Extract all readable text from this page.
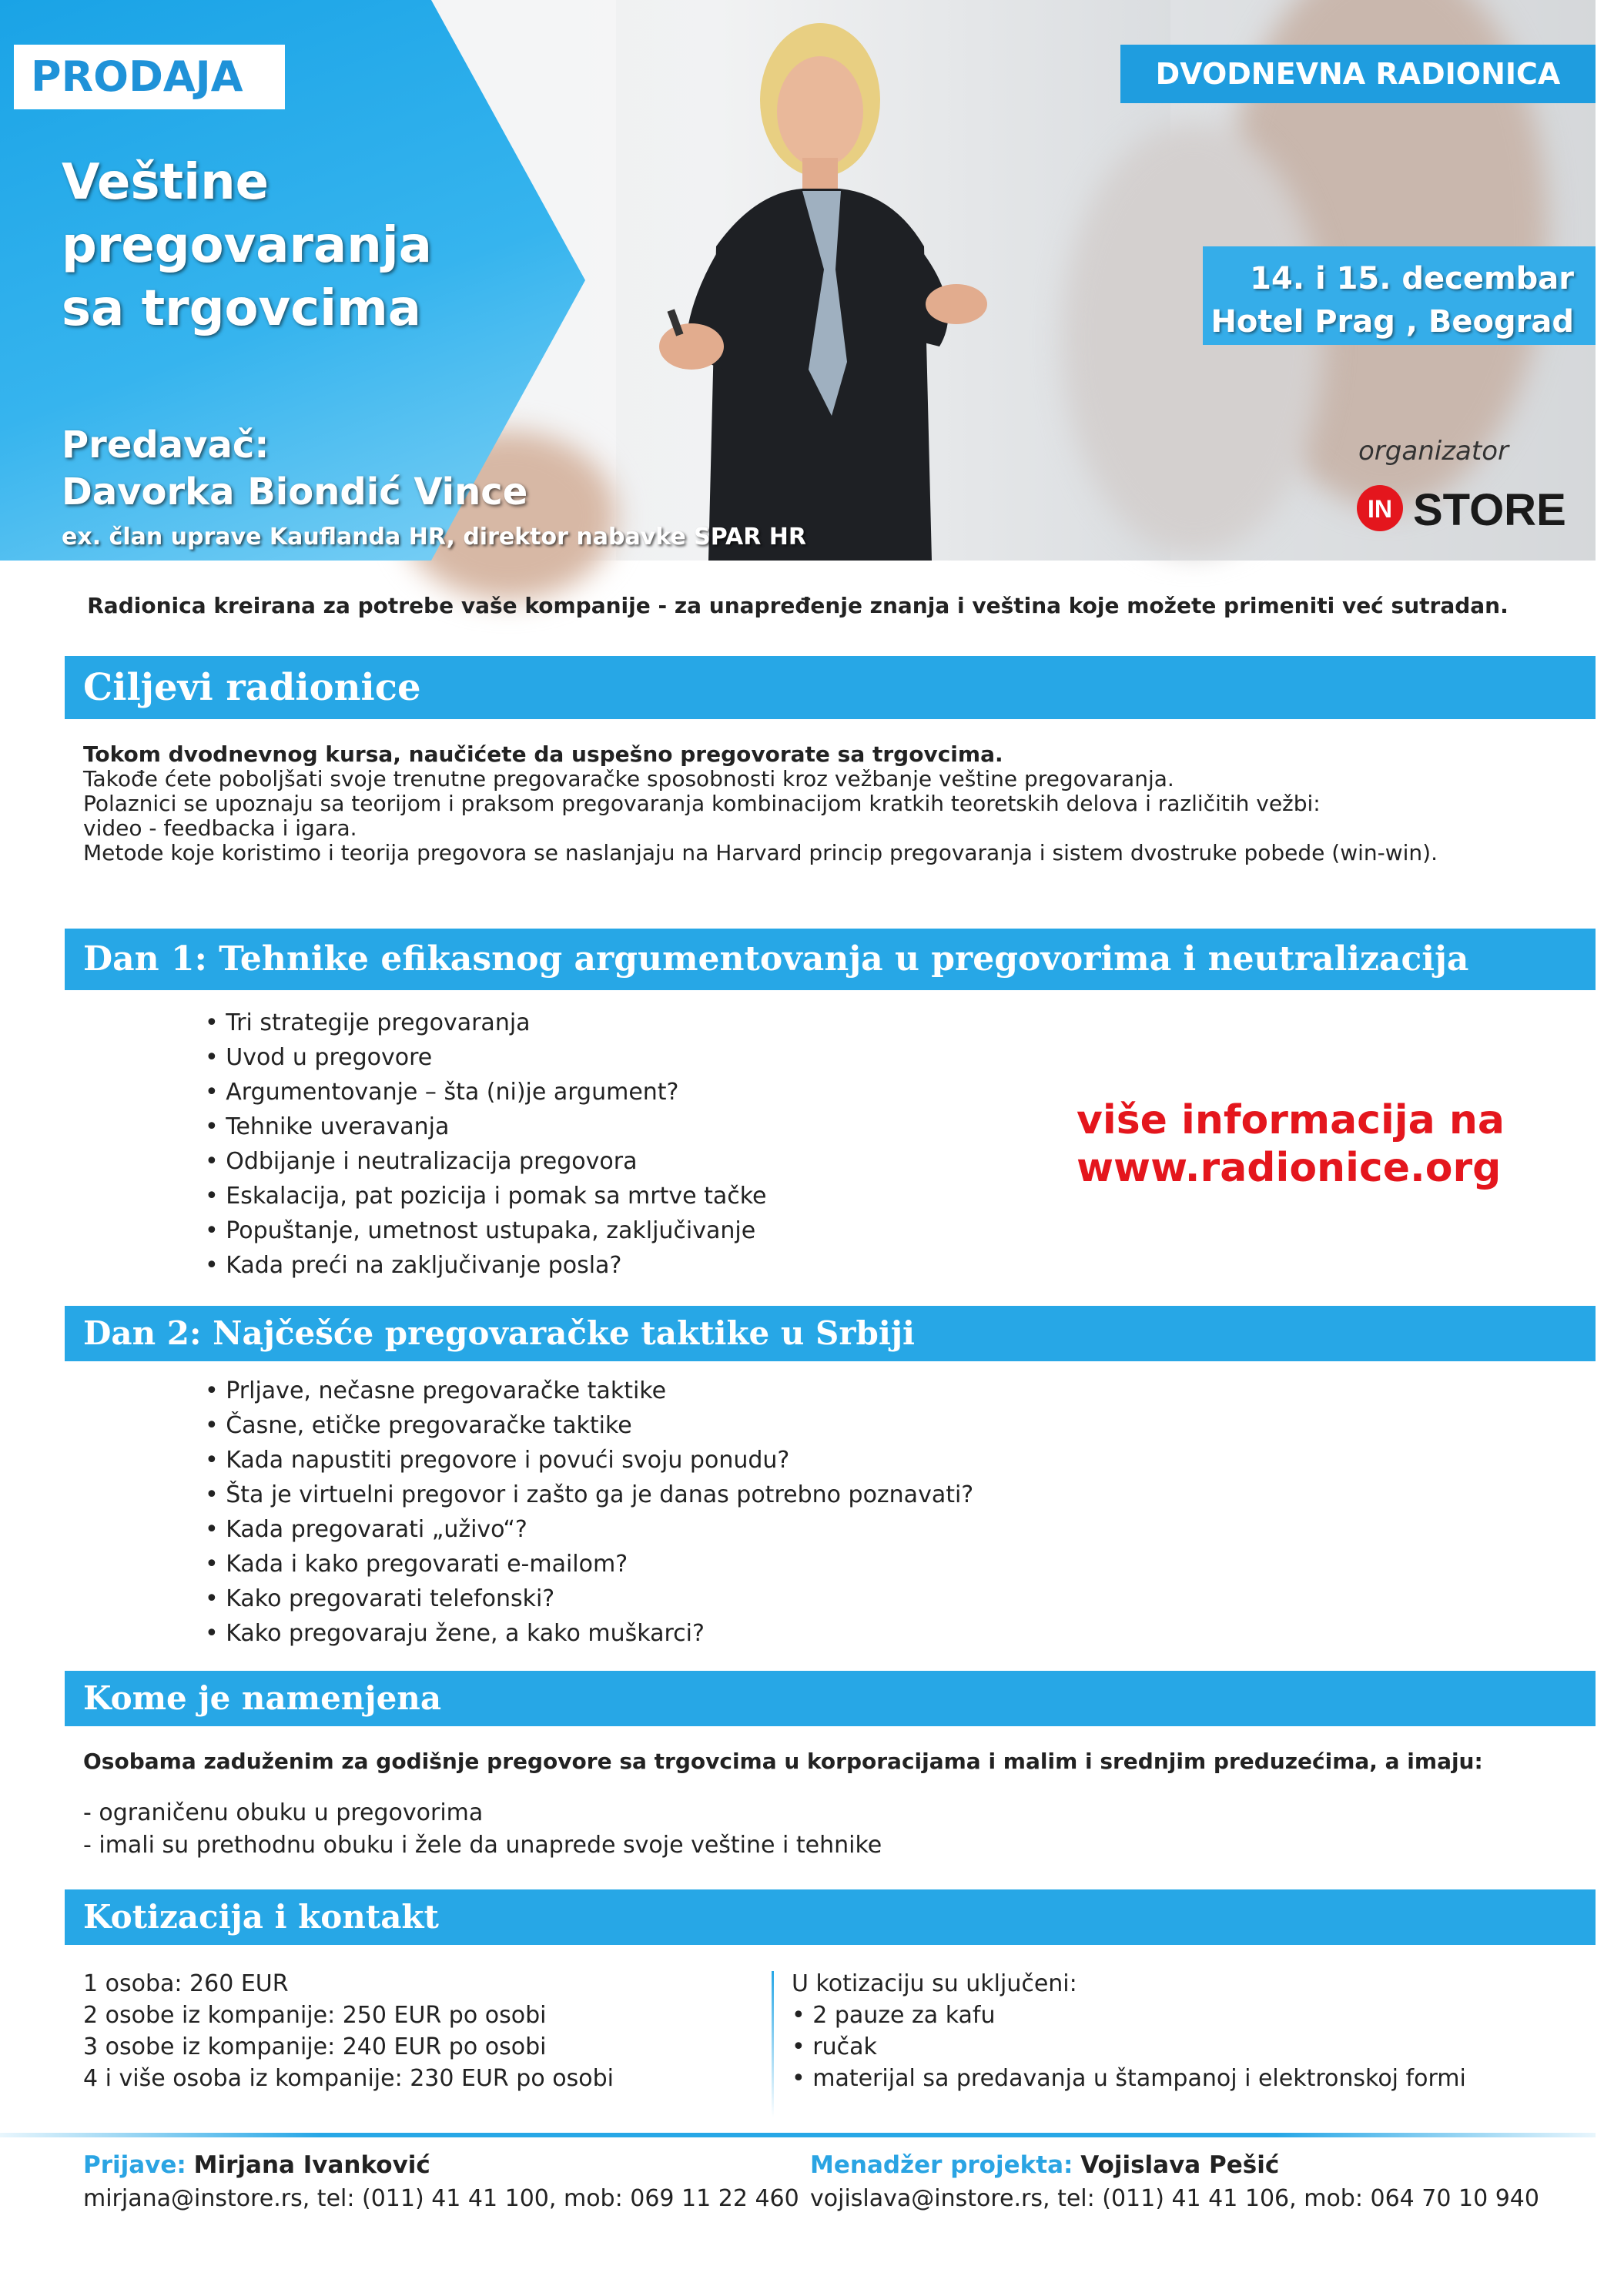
PRODAJA
Veštine
pregovaranja
sa trgovcima
Predavač:
Davorka Biondić Vince
ex. član uprave Kauflanda HR, direktor nabavke SPAR HR
DVODNEVNA RADIONICA
14. i 15. decembar
Hotel Prag , Beograd
organizator
IN STORE
Radionica kreirana za potrebe vaše kompanije - za unapređenje znanja i veština koje možete primeniti već sutradan.
Ciljevi radionice

Tokom dvodnevnog kursa, naučićete da uspešno pregovorate sa trgovcima.

Takođe ćete poboljšati svoje trenutne pregovaračke sposobnosti kroz vežbanje veštine pregovaranja.

Polaznici se upoznaju sa teorijom i praksom pregovaranja kombinacijom kratkih teoretskih delova i različitih vežbi:

video - feedbacka i igara.

Metode koje koristimo i teorija pregovora se naslanjaju na Harvard princip pregovaranja i sistem dvostruke pobede (win-win).

Dan 1: Tehnike efikasnog argumentovanja u pregovorima i neutralizacija otpora
• Tri strategije pregovaranja
• Uvod u pregovore
• Argumentovanje – šta (ni)je argument?
• Tehnike uveravanja
• Odbijanje i neutralizacija pregovora
• Eskalacija, pat pozicija i pomak sa mrtve tačke
• Popuštanje, umetnost ustupaka, zaključivanje
• Kada preći na zaključivanje posla?
više informacija na
www.radionice.org
Dan 2: Najčešće pregovaračke taktike u Srbiji
• Prljave, nečasne pregovaračke taktike
• Časne, etičke pregovaračke taktike
• Kada napustiti pregovore i povući svoju ponudu?
• Šta je virtuelni pregovor i zašto ga je danas potrebno poznavati?
• Kada pregovarati „uživo“?
• Kada i kako pregovarati e-mailom?
• Kako pregovarati telefonski?
• Kako pregovaraju žene, a kako muškarci?
Kome je namenjena

Osobama zaduženim za godišnje pregovore sa trgovcima u korporacijama i malim i srednjim preduzećima, a imaju:

- ograničenu obuku u pregovorima

- imali su prethodnu obuku i žele da unaprede svoje veštine i tehnike

Kotizacija i kontakt
1 osoba: 260 EUR
2 osobe iz kompanije: 250 EUR po osobi
3 osobe iz kompanije: 240 EUR po osobi
4 i više osoba iz kompanije: 230 EUR po osobi
U kotizaciju su uključeni:
• 2 pauze za kafu
• ručak
• materijal sa predavanja u štampanoj i elektronskoj formi
Prijave: Mirjana Ivanković
mirjana@instore.rs, tel: (011) 41 41 100, mob: 069 11 22 460
Menadžer projekta: Vojislava Pešić
vojislava@instore.rs, tel: (011) 41 41 106, mob: 064 70 10 940
